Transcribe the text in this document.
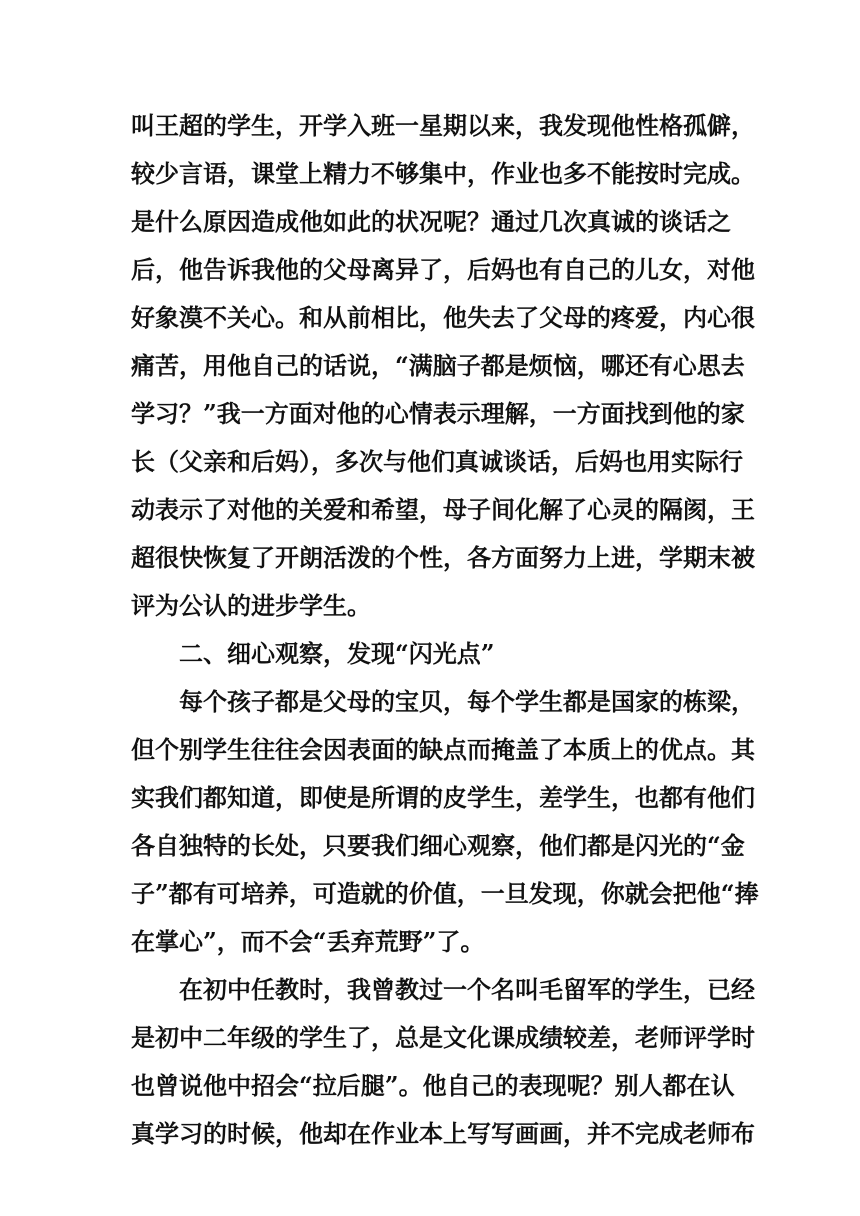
叫王超的学生，开学入班一星期以来，我发现他性格孤僻，
较少言语，课堂上精力不够集中，作业也多不能按时完成。
是什么原因造成他如此的状况呢？通过几次真诚的谈话之
后，他告诉我他的父母离异了，后妈也有自己的儿女，对他
好象漠不关心。和从前相比，他失去了父母的疼爱，内心很
痛苦，用他自己的话说，“满脑子都是烦恼，哪还有心思去
学习？”我一方面对他的心情表示理解，一方面找到他的家
长（父亲和后妈），多次与他们真诚谈话，后妈也用实际行
动表示了对他的关爱和希望，母子间化解了心灵的隔阂，王
超很快恢复了开朗活泼的个性，各方面努力上进，学期末被
评为公认的进步学生。
二、细心观察，发现“闪光点”
每个孩子都是父母的宝贝，每个学生都是国家的栋梁，
但个别学生往往会因表面的缺点而掩盖了本质上的优点。其
实我们都知道，即使是所谓的皮学生，差学生，也都有他们
各自独特的长处，只要我们细心观察，他们都是闪光的“金
子”都有可培养，可造就的价值，一旦发现，你就会把他“捧
在掌心”，而不会“丢弃荒野”了。
在初中任教时，我曾教过一个名叫毛留军的学生，已经
是初中二年级的学生了，总是文化课成绩较差，老师评学时
也曾说他中招会“拉后腿”。他自己的表现呢？别人都在认
真学习的时候，他却在作业本上写写画画，并不完成老师布
